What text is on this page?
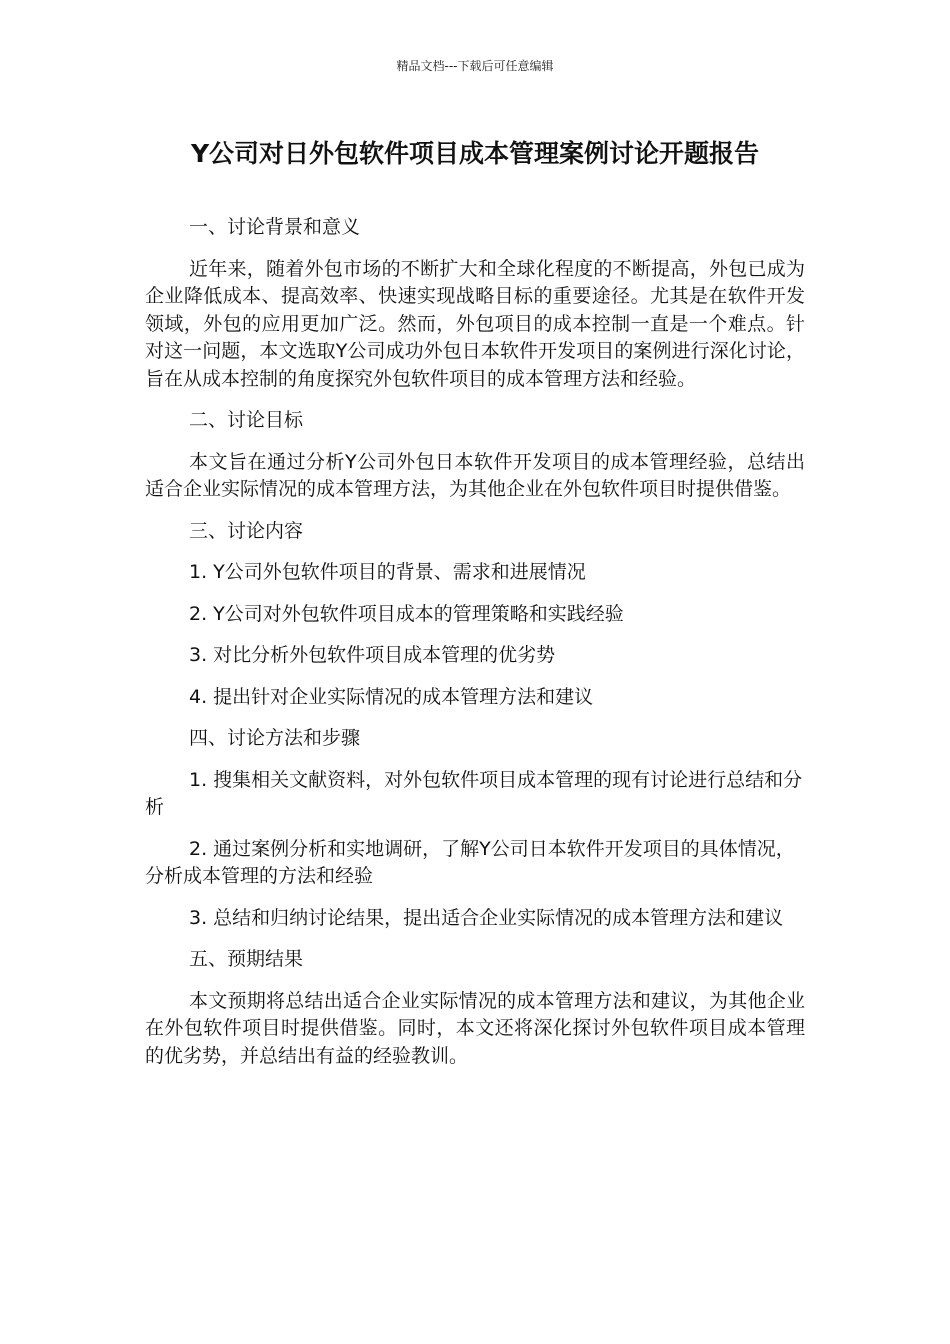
精品文档---下载后可任意编辑
Y公司对日外包软件项目成本管理案例讨论开题报告

一、讨论背景和意义

近年来，随着外包市场的不断扩大和全球化程度的不断提高，外包已成为企业降低成本、提高效率、快速实现战略目标的重要途径。尤其是在软件开发领域，外包的应用更加广泛。然而，外包项目的成本控制一直是一个难点。针对这一问题，本文选取Y公司成功外包日本软件开发项目的案例进行深化讨论，旨在从成本控制的角度探究外包软件项目的成本管理方法和经验。

二、讨论目标

本文旨在通过分析Y公司外包日本软件开发项目的成本管理经验，总结出适合企业实际情况的成本管理方法，为其他企业在外包软件项目时提供借鉴。

三、讨论内容

1. Y公司外包软件项目的背景、需求和进展情况

2. Y公司对外包软件项目成本的管理策略和实践经验

3. 对比分析外包软件项目成本管理的优劣势

4. 提出针对企业实际情况的成本管理方法和建议

四、讨论方法和步骤

1. 搜集相关文献资料，对外包软件项目成本管理的现有讨论进行总结和分析

2. 通过案例分析和实地调研，了解Y公司日本软件开发项目的具体情况，分析成本管理的方法和经验

3. 总结和归纳讨论结果，提出适合企业实际情况的成本管理方法和建议

五、预期结果

本文预期将总结出适合企业实际情况的成本管理方法和建议，为其他企业在外包软件项目时提供借鉴。同时，本文还将深化探讨外包软件项目成本管理的优劣势，并总结出有益的经验教训。
